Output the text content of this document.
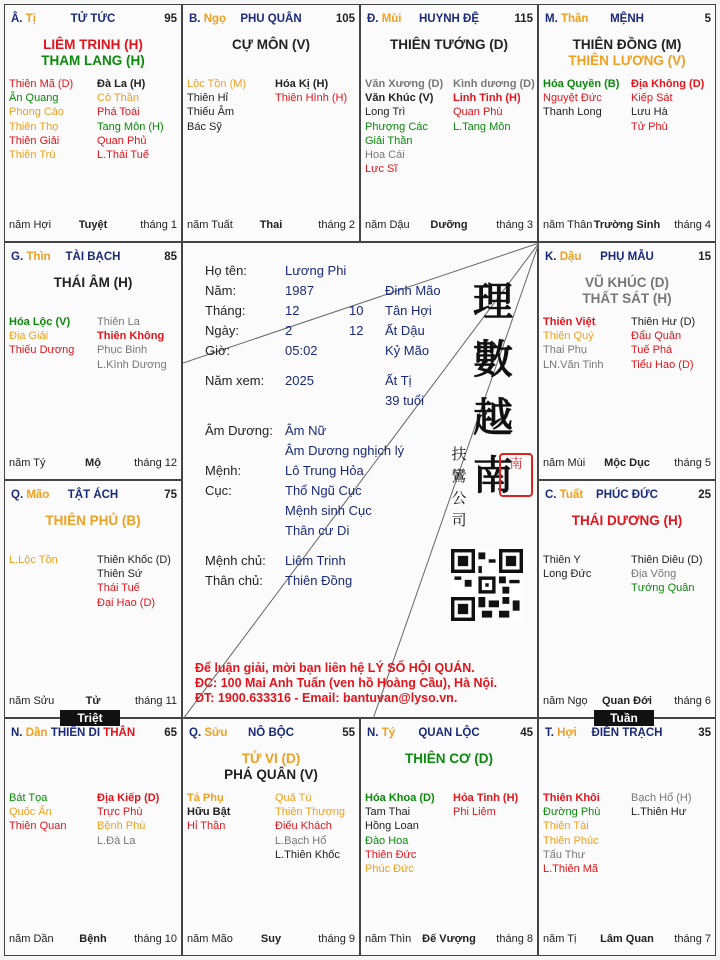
Â. Tị	TỬ TỨC	95
LIÊM TRINH (H)
THAM LANG (H)
Thiên Mã (D)
Ân Quang
Phong Cáo
Thiên Thọ
Thiên Giải
Thiên Trù
Đà La (H)
Cô Thần
Phá Toái
Tang Môn (H)
Quan Phủ
L.Thái Tuế
năm Hợi	Tuyệt	tháng 1
B. Ngọ	PHU QUÂN	105
CỰ MÔN (V)
Lộc Tồn (M)
Thiên Hỉ
Thiếu Âm
Bác Sỹ
Hóa Kị (H)
Thiên Hình (H)
năm Tuất	Thai	tháng 2
Đ. Mùi	HUYNH ĐỆ	115
THIÊN TƯỚNG (D)
Văn Xương (D)
Văn Khúc (V)
Long Trì
Phượng Các
Giải Thần
Hoa Cái
Lực Sĩ
Kình dương (D)
Linh Tinh (H)
Quan Phù
L.Tang Môn
năm Dậu	Dưỡng	tháng 3
M. Thân	MỆNH	5
THIÊN ĐỒNG (M)
THIÊN LƯƠNG (V)
Hóa Quyền (B)
Nguyệt Đức
Thanh Long
Địa Không (D)
Kiếp Sát
Lưu Hà
Tử Phù
năm Thân Trường Sinh	tháng 4
G. Thìn	TÀI BẠCH	85
THÁI ÂM (H)
Hóa Lộc (V)
Địa Giải
Thiếu Dương
Thiên La
Thiên Không
Phục Binh
L.Kình Dương
năm Tý	Mộ	tháng 12
K. Dậu	PHỤ MẪU	15
VŨ KHÚC (D)
THẤT SÁT (H)
Thiên Việt
Thiên Quý
Thai Phụ
LN.Văn Tinh
Thiên Hư (D)
Đẩu Quân
Tuế Phá
Tiểu Hao (D)
năm Mùi	Mộc Dục	tháng 5
Q. Mão	TẬT ÁCH	75
THIÊN PHỦ (B)
L.Lộc Tồn	Thiên Khốc (D)
Thiên Sứ
Thái Tuế
Đại Hao (D)
năm Sửu	Tử	tháng 11
C. Tuất	PHÚC ĐỨC	25
THÁI DƯƠNG (H)
Thiên Y
Long Đức
Thiên Diêu (D)
Địa Võng
Tướng Quân
năm Ngọ	Quan Đới	tháng 6
N. Dần THIÊN DI THÂN	65
Bát Tọa
Quốc Ấn
Thiên Quan
Địa Kiếp (D)
Trực Phù
Bệnh Phù
L.Đà La
năm Dần	Bệnh	tháng 10
Q. Sửu	NÔ BỘC	55
TỬ VI (D)
PHÁ QUÂN (V)
Tả Phụ
Hữu Bật
Hỉ Thần
Quả Tú
Thiên Thương
Điếu Khách
L.Bạch Hổ
L.Thiên Khốc
năm Mão	Suy	tháng 9
N. Tý	QUAN LỘC	45
THIÊN CƠ (D)
Hóa Khoa (D)
Tam Thai
Hồng Loan
Đào Hoa
Thiên Đức
Phúc Đức
Hỏa Tinh (H)
Phi Liêm
năm Thìn Đế Vượng	tháng 8
T. Hợi	ĐIỀN TRẠCH	35
Thiên Khôi
Đường Phù
Thiên Tài
Thiên Phúc
Tấu Thư
L.Thiên Mã
Bạch Hổ (H)
L.Thiên Hư
năm Tị	Lâm Quan	tháng 7
Họ tên:	Lương Phi
Năm:	1987	Đinh Mão
Tháng:	12	10 Tân Hợi
Ngày:	2	12 Ất Dậu
Giờ:	05:02	Kỷ Mão
Năm xem: 2025	Ất Tị
39 tuổi
Âm Dương: Âm Nữ
Âm Dương nghịch lý
Mệnh:	Lô Trung Hỏa
Cục:	Thổ Ngũ Cục
Mệnh sinh Cục
Thân cư Di
Mệnh chủ: Liêm Trinh
Thân chủ: Thiên Đồng
理
數
越
南
扶
鸞
公
司
南
Để luận giải, mời bạn liên hệ LÝ SỐ HỘI QUÁN.
ĐC: 100 Mai Anh Tuấn (ven hồ Hoàng Cầu), Hà Nội.
ĐT: 1900.633316 - Email: bantuvan@lyso.vn.
Triệt	Tuần
